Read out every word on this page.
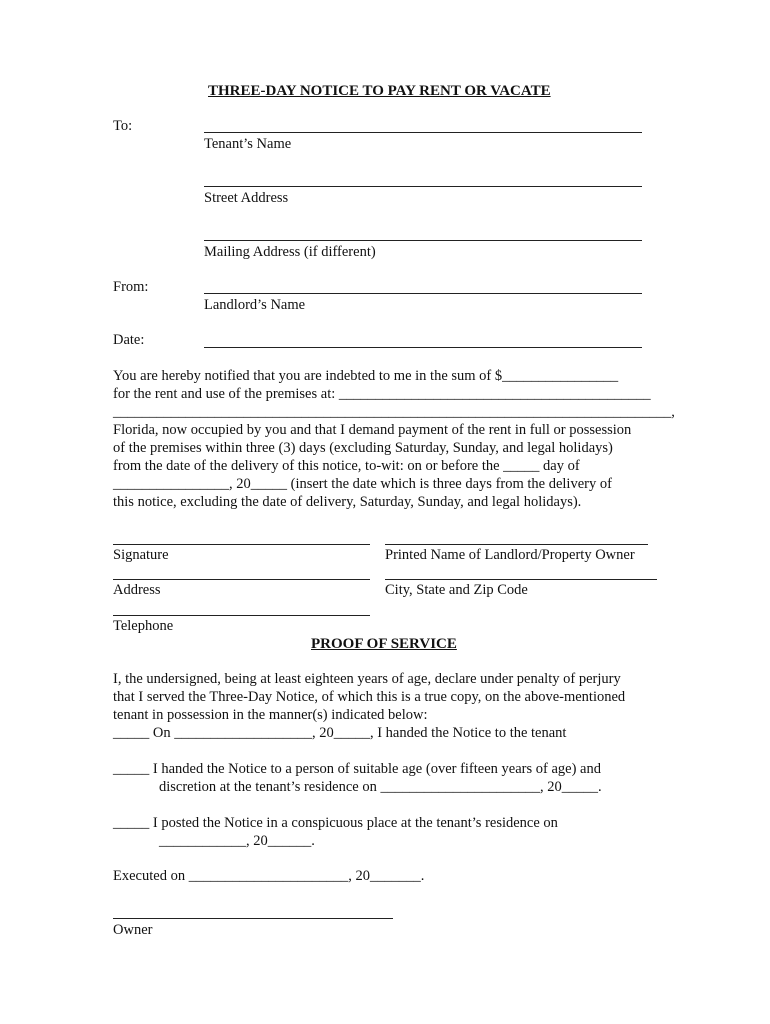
THREE-DAY NOTICE TO PAY RENT OR VACATE
To:
Tenant’s Name
Street Address
Mailing Address (if different)
From:
Landlord’s Name
Date:
You are hereby notified that you are indebted to me in the sum of $________________
for the rent and use of the premises at: ___________________________________________
_____________________________________________________________________________,
Florida, now occupied by you and that I demand payment of the rent in full or possession
of the premises within three (3) days (excluding Saturday, Sunday, and legal holidays)
from the date of the delivery of this notice, to-wit: on or before the _____ day of
________________, 20_____ (insert the date which is three days from the delivery of
this notice, excluding the date of delivery, Saturday, Sunday, and legal holidays).
Signature	Printed Name of Landlord/Property Owner
Address	City, State and Zip Code
Telephone
PROOF OF SERVICE
I, the undersigned, being at least eighteen years of age, declare under penalty of perjury
that I served the Three-Day Notice, of which this is a true copy, on the above-mentioned
tenant in possession in the manner(s) indicated below:
_____ On ___________________, 20_____, I handed the Notice to the tenant
_____ I handed the Notice to a person of suitable age (over fifteen years of age) and
discretion at the tenant’s residence on ______________________, 20_____.
_____ I posted the Notice in a conspicuous place at the tenant’s residence on
____________, 20______.
Executed on ______________________, 20_______.
Owner
